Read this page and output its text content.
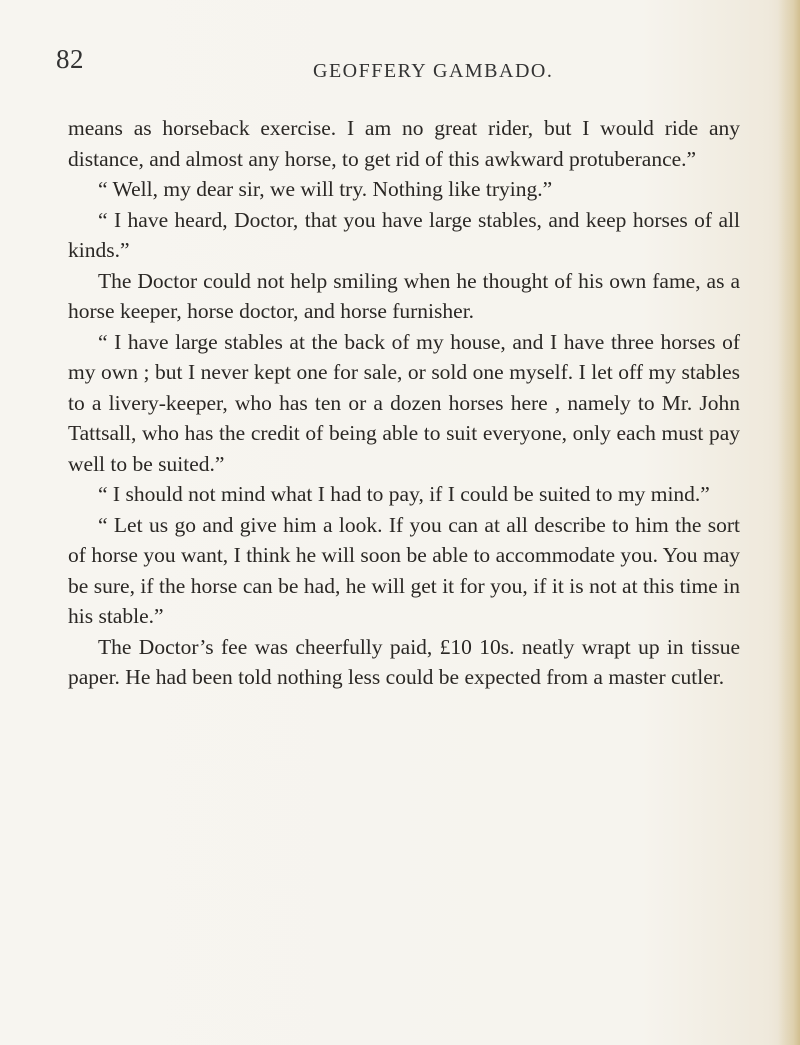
82	GEOFFERY GAMBADO.

means as horseback exercise. I am no great rider, but I would ride any distance, and almost any horse, to get rid of this awkward protuberance.”

“ Well, my dear sir, we will try. Nothing like trying.”

“ I have heard, Doctor, that you have large stables, and keep horses of all kinds.”

The Doctor could not help smiling when he thought of his own fame, as a horse keeper, horse doctor, and horse furnisher.

“ I have large stables at the back of my house, and I have three horses of my own ; but I never kept one for sale, or sold one myself. I let off my stables to a livery-keeper, who has ten or a dozen horses here , namely to Mr. John Tattsall, who has the credit of being able to suit everyone, only each must pay well to be suited.”

“ I should not mind what I had to pay, if I could be suited to my mind.”

“ Let us go and give him a look. If you can at all describe to him the sort of horse you want, I think he will soon be able to accommodate you. You may be sure, if the horse can be had, he will get it for you, if it is not at this time in his stable.”

The Doctor’s fee was cheerfully paid, £10 10s. neatly wrapt up in tissue paper. He had been told nothing less could be expected from a master cutler.
